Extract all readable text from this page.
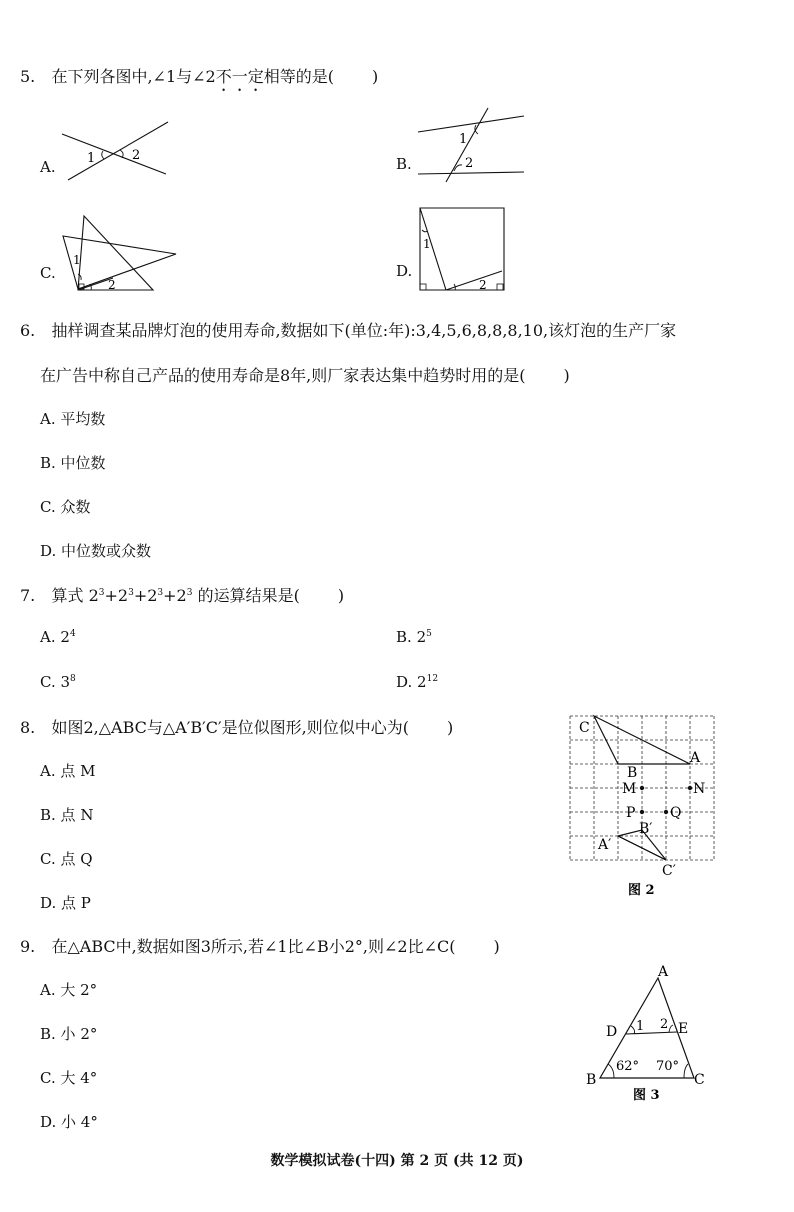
5. 在下列各图中,∠1与∠2不一定相等的是( )
A. 1	2	B.
1
2
C.
1
2
D.
1
2
6. 抽样调查某品牌灯泡的使用寿命,数据如下(单位:年):3,4,5,6,8,8,8,10,该灯泡的生产厂家
在广告中称自己产品的使用寿命是8年,则厂家表达集中趋势时用的是( )
A. 平均数
B. 中位数
C. 众数
D. 中位数或众数
7. 算式 $2^3+2^3+2^3+2^3$ 的运算结果是( )
A. $2^4$	B. $2^5$
C. $3^8$	D. $2^{12}$
8. 如图2,△ABC与△A′B′C′是位似图形,则位似中心为( )
A. 点 M
B. 点 N
C. 点 Q
D. 点 P
C
A
B
M	N
P Q
B′
A′
C′
图 2
9. 在△ABC中,数据如图3所示,若∠1比∠B小2°,则∠2比∠C( )
A. 大 2°
B. 小 2°
C. 大 4°
D. 小 4°
A
B	C
D	E
1 2
62° 70°
图 3
数学模拟试卷(十四) 第 2 页 (共 12 页)
